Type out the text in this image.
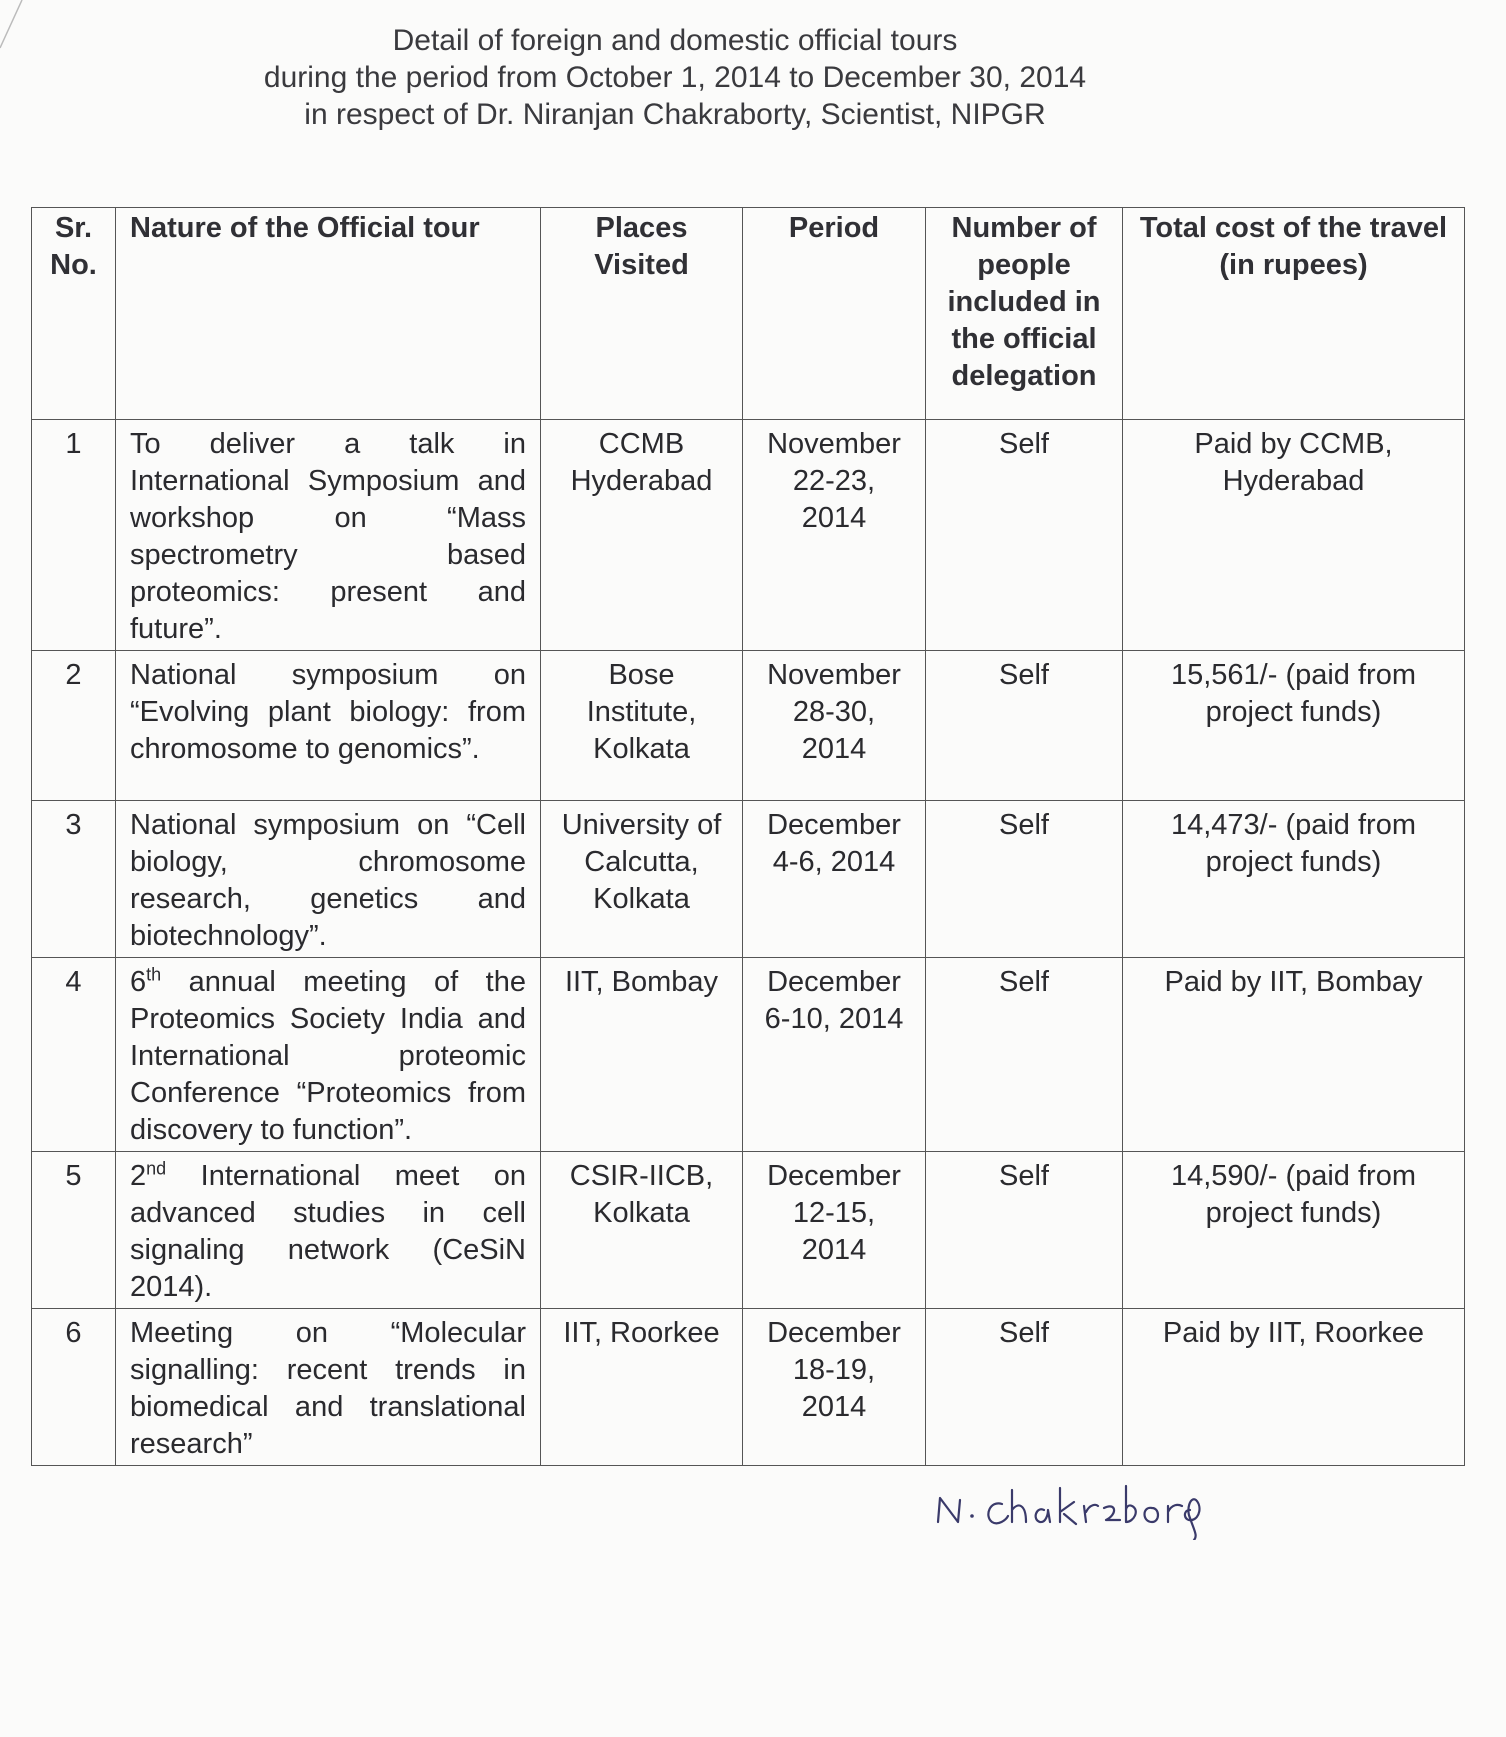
Detail of foreign and domestic official tours
during the period from October 1, 2014 to December 30, 2014
in respect of Dr. Niranjan Chakraborty, Scientist, NIPGR
Sr. No.	Nature of the Official tour	Places Visited	Period	Number of people included in the official delegation	Total cost of the travel (in rupees)
1	To deliver a talk in International Symposium and workshop on “Mass spectrometry based proteomics: present and future”.	CCMB Hyderabad	November 22-23, 2014	Self	Paid by CCMB, Hyderabad
2	National symposium on “Evolving plant biology: from chromosome to genomics”.	Bose Institute, Kolkata	November 28-30, 2014	Self	15,561/- (paid from project funds)
3	National symposium on “Cell biology, chromosome research, genetics and biotechnology”.	University of Calcutta, Kolkata	December 4-6, 2014	Self	14,473/- (paid from project funds)
4	6th annual meeting of the Proteomics Society India and International proteomic Conference “Proteomics from discovery to function”.	IIT, Bombay	December 6-10, 2014	Self	Paid by IIT, Bombay
5	2nd International meet on advanced studies in cell signaling network (CeSiN 2014).	CSIR-IICB, Kolkata	December 12-15, 2014	Self	14,590/- (paid from project funds)
6	Meeting on “Molecular signalling: recent trends in biomedical and translational research”	IIT, Roorkee	December 18-19, 2014	Self	Paid by IIT, Roorkee
